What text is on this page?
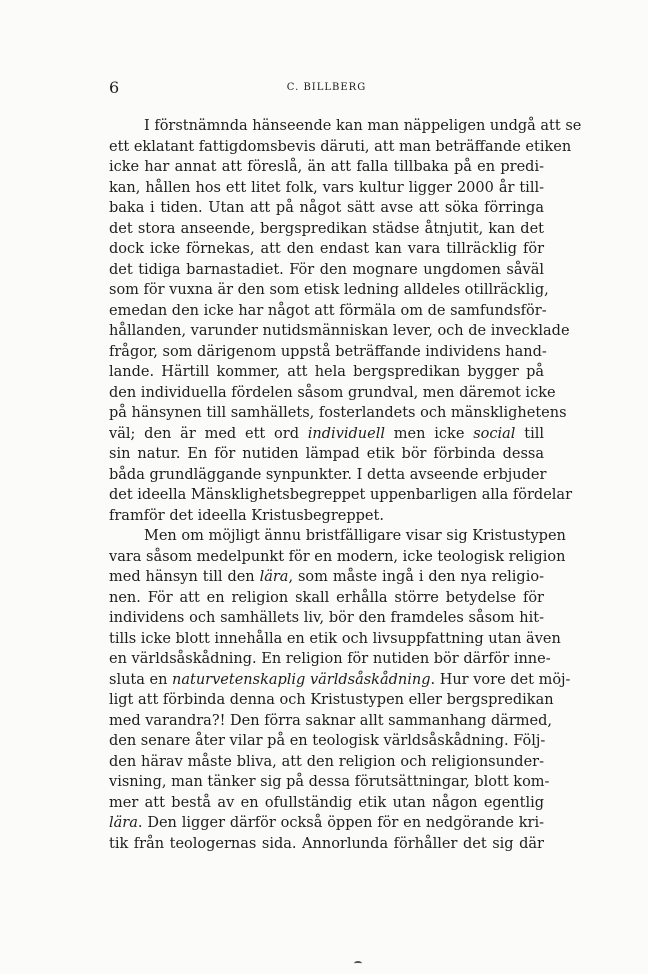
6	C. BILLBERG
I förstnämnda hänseende kan man näppeligen undgå att se
ett eklatant fattigdomsbevis däruti, att man beträffande etiken
icke har annat att föreslå, än att falla tillbaka på en predi-
kan, hållen hos ett litet folk, vars kultur ligger 2000 år till-
baka i tiden. Utan att på något sätt avse att söka förringa
det stora anseende, bergspredikan städse åtnjutit, kan det
dock icke förnekas, att den endast kan vara tillräcklig för
det tidiga barnastadiet. För den mognare ungdomen såväl
som för vuxna är den som etisk ledning alldeles otillräcklig,
emedan den icke har något att förmäla om de samfundsför-
hållanden, varunder nutidsmänniskan lever, och de invecklade
frågor, som därigenom uppstå beträffande individens hand-
lande. Härtill kommer, att hela bergspredikan bygger på
den individuella fördelen såsom grundval, men däremot icke
på hänsynen till samhällets, fosterlandets och mänsklighetens
väl; den är med ett ord individuell men icke social till
sin natur. En för nutiden lämpad etik bör förbinda dessa
båda grundläggande synpunkter. I detta avseende erbjuder
det ideella Mänsklighetsbegreppet uppenbarligen alla fördelar
framför det ideella Kristusbegreppet.
Men om möjligt ännu bristfälligare visar sig Kristustypen
vara såsom medelpunkt för en modern, icke teologisk religion
med hänsyn till den lära, som måste ingå i den nya religio-
nen. För att en religion skall erhålla större betydelse för
individens och samhällets liv, bör den framdeles såsom hit-
tills icke blott innehålla en etik och livsuppfattning utan även
en världsåskådning. En religion för nutiden bör därför inne-
sluta en naturvetenskaplig världsåskådning. Hur vore det möj-
ligt att förbinda denna och Kristustypen eller bergspredikan
med varandra?! Den förra saknar allt sammanhang därmed,
den senare åter vilar på en teologisk världsåskådning. Följ-
den härav måste bliva, att den religion och religionsunder-
visning, man tänker sig på dessa förutsättningar, blott kom-
mer att bestå av en ofullständig etik utan någon egentlig
lära. Den ligger därför också öppen för en nedgörande kri-
tik från teologernas sida. Annorlunda förhåller det sig där
